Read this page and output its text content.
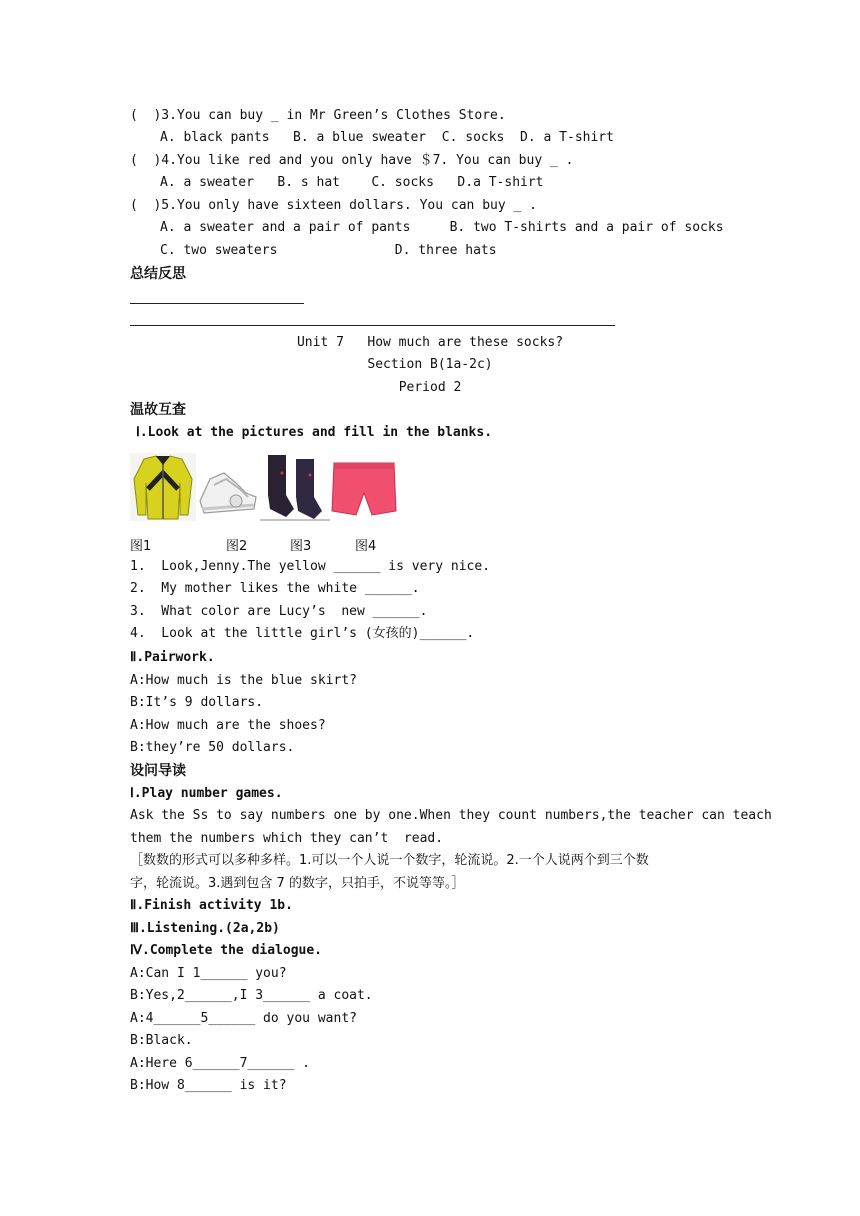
(  )3.You can buy _ in Mr Green’s Clothes Store.
A. black pants   B. a blue sweater  C. socks  D. a T-shirt
(  )4.You like red and you only have ＄7. You can buy _ .
A. a sweater   B. s hat    C. socks   D.a T-shirt
(  )5.You only have sixteen dollars. You can buy _ .
A. a sweater and a pair of pants     B. two T-shirts and a pair of socks
C. two sweaters               D. three hats
总结反思
Unit 7   How much are these socks?
Section B(1a-2c)
Period 2
温故互查
Ⅰ.Look at the pictures and fill in the blanks.
图1	图2	图3	图4
1.  Look,Jenny.The yellow ______ is very nice.
2.  My mother likes the white ______.
3.  What color are Lucy’s  new ______.
4.  Look at the little girl’s (女孩的)______.
Ⅱ.Pairwork.
A:How much is the blue skirt?
B:It’s 9 dollars.
A:How much are the shoes?
B:they’re 50 dollars.
设问导读
Ⅰ.Play number games.
Ask the Ss to say numbers one by one.When they count numbers,the teacher can teach
them the numbers which they can’t  read.
［数数的形式可以多种多样。1.可以一个人说一个数字，轮流说。2.一个人说两个到三个数
字，轮流说。3.遇到包含 7 的数字，只拍手，不说等等。］
Ⅱ.Finish activity 1b.
Ⅲ.Listening.(2a,2b)
Ⅳ.Complete the dialogue.
A:Can I 1______ you?
B:Yes,2______,I 3______ a coat.
A:4______5______ do you want?
B:Black.
A:Here 6______7______ .
B:How 8______ is it?
